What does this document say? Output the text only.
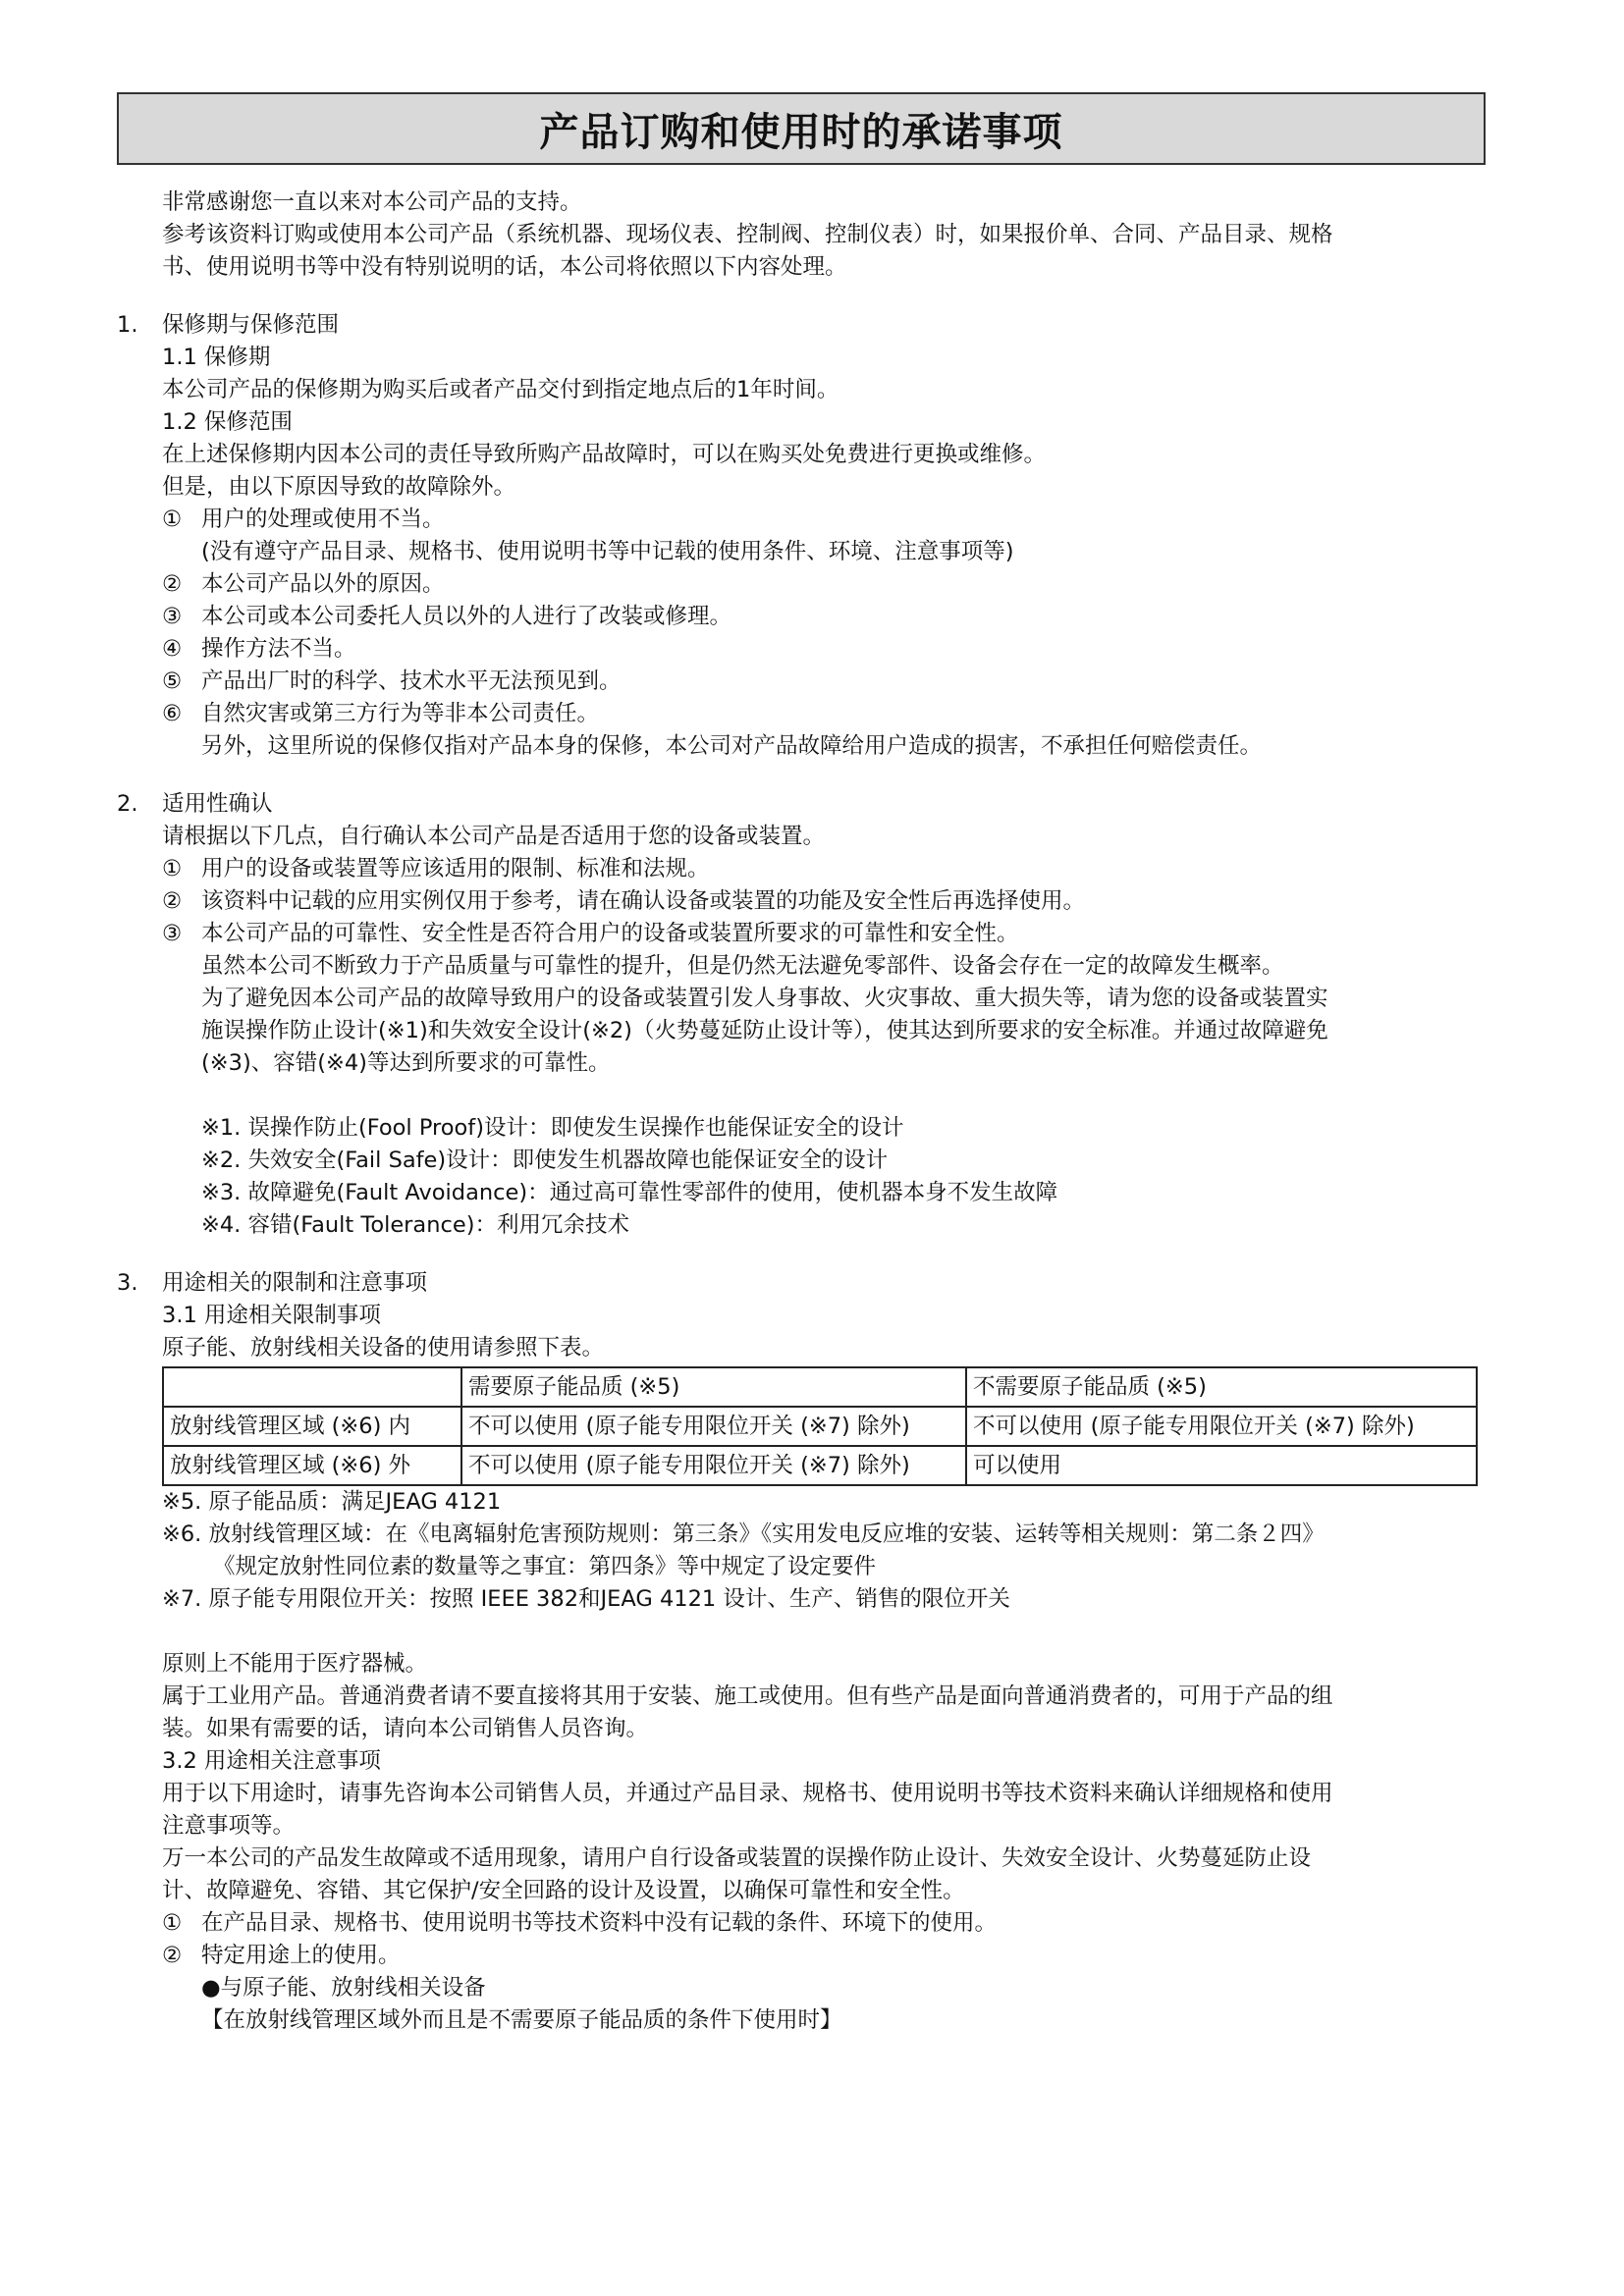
产品订购和使用时的承诺事项

非常感谢您一直以来对本公司产品的支持。

参考该资料订购或使用本公司产品（系统机器、现场仪表、控制阀、控制仪表）时，如果报价单、合同、产品目录、规格

书、使用说明书等中没有特别说明的话，本公司将依照以下内容处理。

1.	保修期与保修范围

1.1 保修期

本公司产品的保修期为购买后或者产品交付到指定地点后的1年时间。

1.2 保修范围

在上述保修期内因本公司的责任导致所购产品故障时，可以在购买处免费进行更换或维修。

但是，由以下原因导致的故障除外。

① 用户的处理或使用不当。

(没有遵守产品目录、规格书、使用说明书等中记载的使用条件、环境、注意事项等)

② 本公司产品以外的原因。
③ 本公司或本公司委托人员以外的人进行了改装或修理。
④ 操作方法不当。
⑤ 产品出厂时的科学、技术水平无法预见到。
⑥ 自然灾害或第三方行为等非本公司责任。

另外，这里所说的保修仅指对产品本身的保修，本公司对产品故障给用户造成的损害，不承担任何赔偿责任。

2.	适用性确认

请根据以下几点，自行确认本公司产品是否适用于您的设备或装置。

① 用户的设备或装置等应该适用的限制、标准和法规。
② 该资料中记载的应用实例仅用于参考，请在确认设备或装置的功能及安全性后再选择使用。
③ 本公司产品的可靠性、安全性是否符合用户的设备或装置所要求的可靠性和安全性。

虽然本公司不断致力于产品质量与可靠性的提升，但是仍然无法避免零部件、设备会存在一定的故障发生概率。

为了避免因本公司产品的故障导致用户的设备或装置引发人身事故、火灾事故、重大损失等，请为您的设备或装置实

施误操作防止设计(※1)和失效安全设计(※2)（火势蔓延防止设计等），使其达到所要求的安全标准。并通过故障避免

(※3)、容错(※4)等达到所要求的可靠性。

※1. 误操作防止(Fool Proof)设计：即使发生误操作也能保证安全的设计

※2. 失效安全(Fail Safe)设计：即使发生机器故障也能保证安全的设计

※3. 故障避免(Fault Avoidance)：通过高可靠性零部件的使用，使机器本身不发生故障

※4. 容错(Fault Tolerance)：利用冗余技术

3.	用途相关的限制和注意事项

3.1 用途相关限制事项

原子能、放射线相关设备的使用请参照下表。

	需要原子能品质 (※5)	不需要原子能品质 (※5)
放射线管理区域 (※6) 内	不可以使用 (原子能专用限位开关 (※7) 除外)	不可以使用 (原子能专用限位开关 (※7) 除外)
放射线管理区域 (※6) 外	不可以使用 (原子能专用限位开关 (※7) 除外)	可以使用

※5. 原子能品质：满足JEAG 4121

※6. 放射线管理区域：在《电离辐射危害预防规则：第三条》《实用发电反应堆的安装、运转等相关规则：第二条２四》

《规定放射性同位素的数量等之事宜：第四条》等中规定了设定要件

※7. 原子能专用限位开关：按照 IEEE 382和JEAG 4121 设计、生产、销售的限位开关

原则上不能用于医疗器械。

属于工业用产品。普通消费者请不要直接将其用于安装、施工或使用。但有些产品是面向普通消费者的，可用于产品的组

装。如果有需要的话，请向本公司销售人员咨询。

3.2 用途相关注意事项

用于以下用途时，请事先咨询本公司销售人员，并通过产品目录、规格书、使用说明书等技术资料来确认详细规格和使用

注意事项等。

万一本公司的产品发生故障或不适用现象，请用户自行设备或装置的误操作防止设计、失效安全设计、火势蔓延防止设

计、故障避免、容错、其它保护/安全回路的设计及设置，以确保可靠性和安全性。

① 在产品目录、规格书、使用说明书等技术资料中没有记载的条件、环境下的使用。
② 特定用途上的使用。

●与原子能、放射线相关设备

【在放射线管理区域外而且是不需要原子能品质的条件下使用时】
